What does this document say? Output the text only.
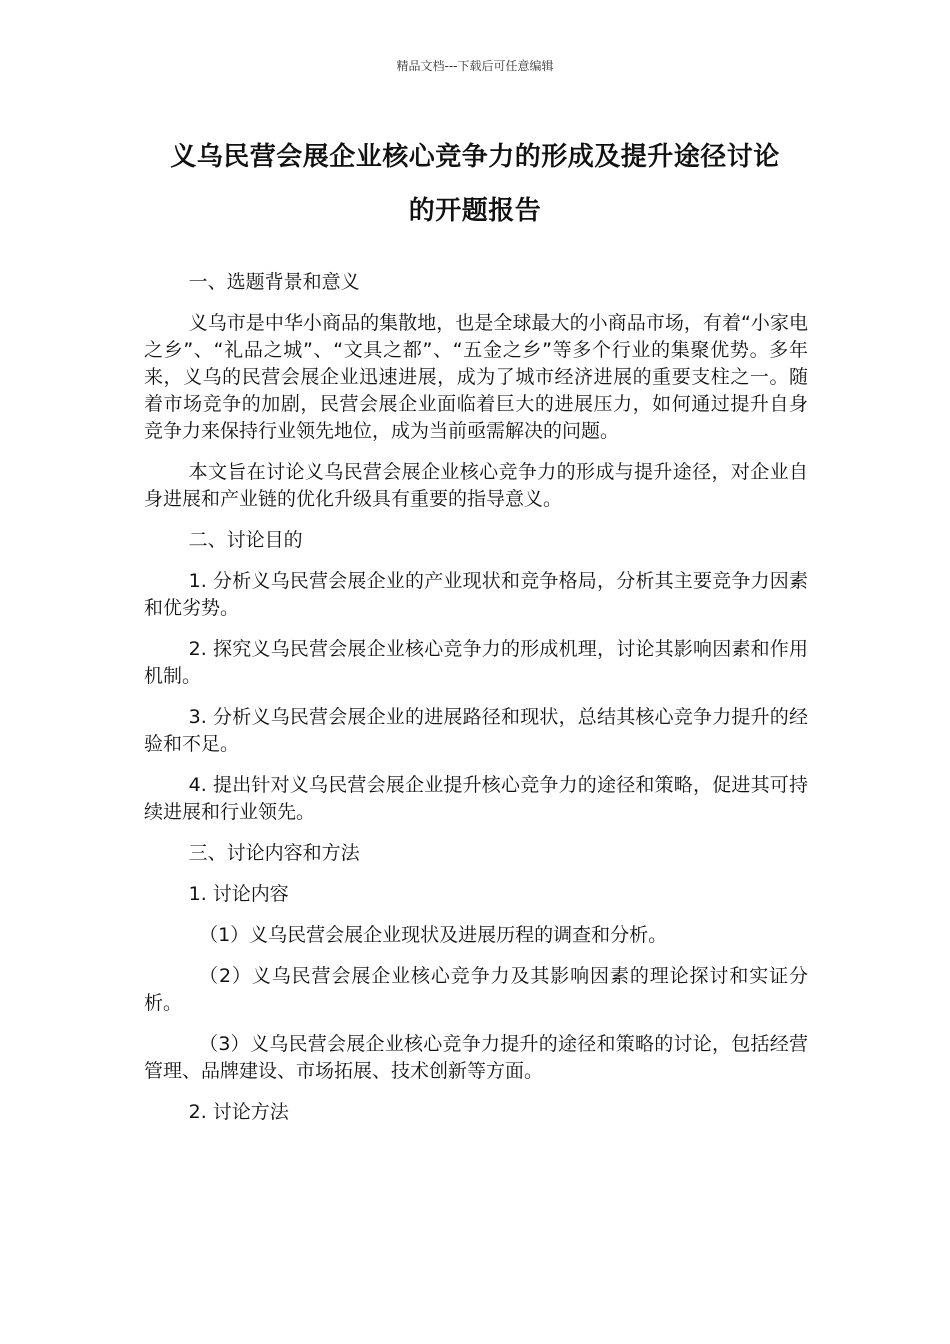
精品文档---下载后可任意编辑
义乌民营会展企业核心竞争力的形成及提升途径讨论
的开题报告

一、选题背景和意义

义乌市是中华小商品的集散地，也是全球最大的小商品市场，有着“小家电之乡”、“礼品之城”、“文具之都”、“五金之乡”等多个行业的集聚优势。多年来，义乌的民营会展企业迅速进展，成为了城市经济进展的重要支柱之一。随着市场竞争的加剧，民营会展企业面临着巨大的进展压力，如何通过提升自身竞争力来保持行业领先地位，成为当前亟需解决的问题。

本文旨在讨论义乌民营会展企业核心竞争力的形成与提升途径，对企业自身进展和产业链的优化升级具有重要的指导意义。

二、讨论目的

1. 分析义乌民营会展企业的产业现状和竞争格局，分析其主要竞争力因素和优劣势。

2. 探究义乌民营会展企业核心竞争力的形成机理，讨论其影响因素和作用机制。

3. 分析义乌民营会展企业的进展路径和现状，总结其核心竞争力提升的经验和不足。

4. 提出针对义乌民营会展企业提升核心竞争力的途径和策略，促进其可持续进展和行业领先。

三、讨论内容和方法

1. 讨论内容

（1）义乌民营会展企业现状及进展历程的调查和分析。

（2）义乌民营会展企业核心竞争力及其影响因素的理论探讨和实证分析。

（3）义乌民营会展企业核心竞争力提升的途径和策略的讨论，包括经营管理、品牌建设、市场拓展、技术创新等方面。

2. 讨论方法
